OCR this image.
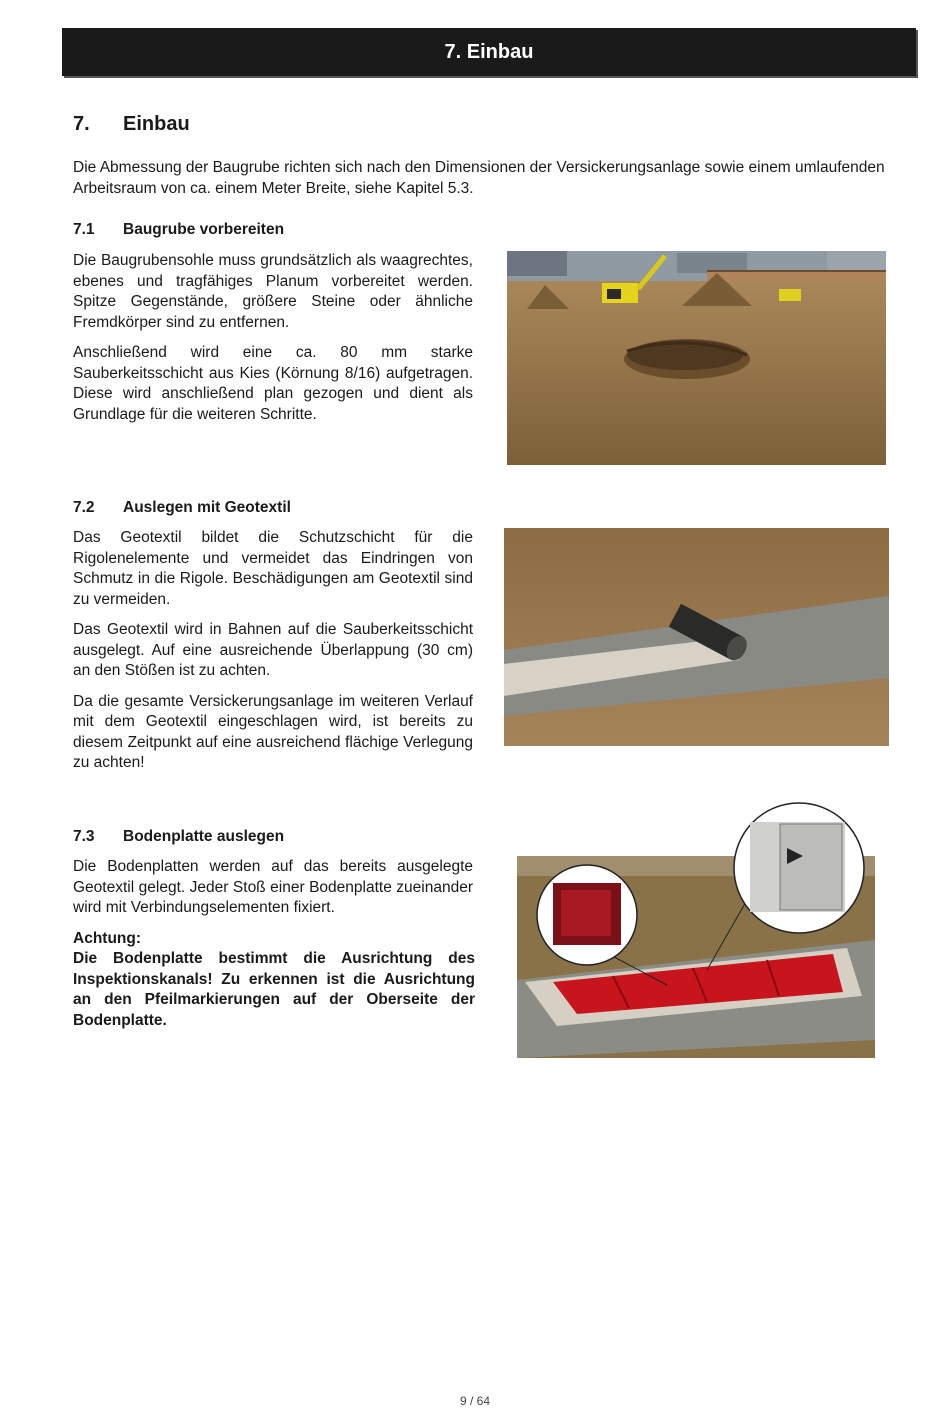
7. Einbau
7. Einbau
Die Abmessung der Baugrube richten sich nach den Dimensionen der Versickerungsanlage sowie einem umlaufenden Arbeitsraum von ca. einem Meter Breite, siehe Kapitel 5.3.
7.1 Baugrube vorbereiten

Die Baugrubensohle muss grundsätzlich als waagrechtes, ebenes und tragfähiges Planum vorbereitet werden. Spitze Gegenstände, größere Steine oder ähnliche Fremdkörper sind zu entfernen.

Anschließend wird eine ca. 80 mm starke Sauberkeitsschicht aus Kies (Körnung 8/16) aufgetragen. Diese wird anschließend plan gezogen und dient als Grundlage für die weiteren Schritte.

7.2 Auslegen mit Geotextil

Das Geotextil bildet die Schutzschicht für die Rigolenelemente und vermeidet das Eindringen von Schmutz in die Rigole. Beschädigungen am Geotextil sind zu vermeiden.

Das Geotextil wird in Bahnen auf die Sauberkeitsschicht ausgelegt. Auf eine ausreichende Überlappung (30 cm) an den Stößen ist zu achten.

Da die gesamte Versickerungsanlage im weiteren Verlauf mit dem Geotextil eingeschlagen wird, ist bereits zu diesem Zeitpunkt auf eine ausreichend flächige Verlegung zu achten!

7.3 Bodenplatte auslegen

Die Bodenplatten werden auf das bereits ausgelegte Geotextil gelegt. Jeder Stoß einer Bodenplatte zueinander wird mit Verbindungselementen fixiert.

Achtung:
Die Bodenplatte bestimmt die Ausrichtung des Inspektionskanals! Zu erkennen ist die Ausrichtung an den Pfeilmarkierungen auf der Oberseite der Bodenplatte.
9 / 64
